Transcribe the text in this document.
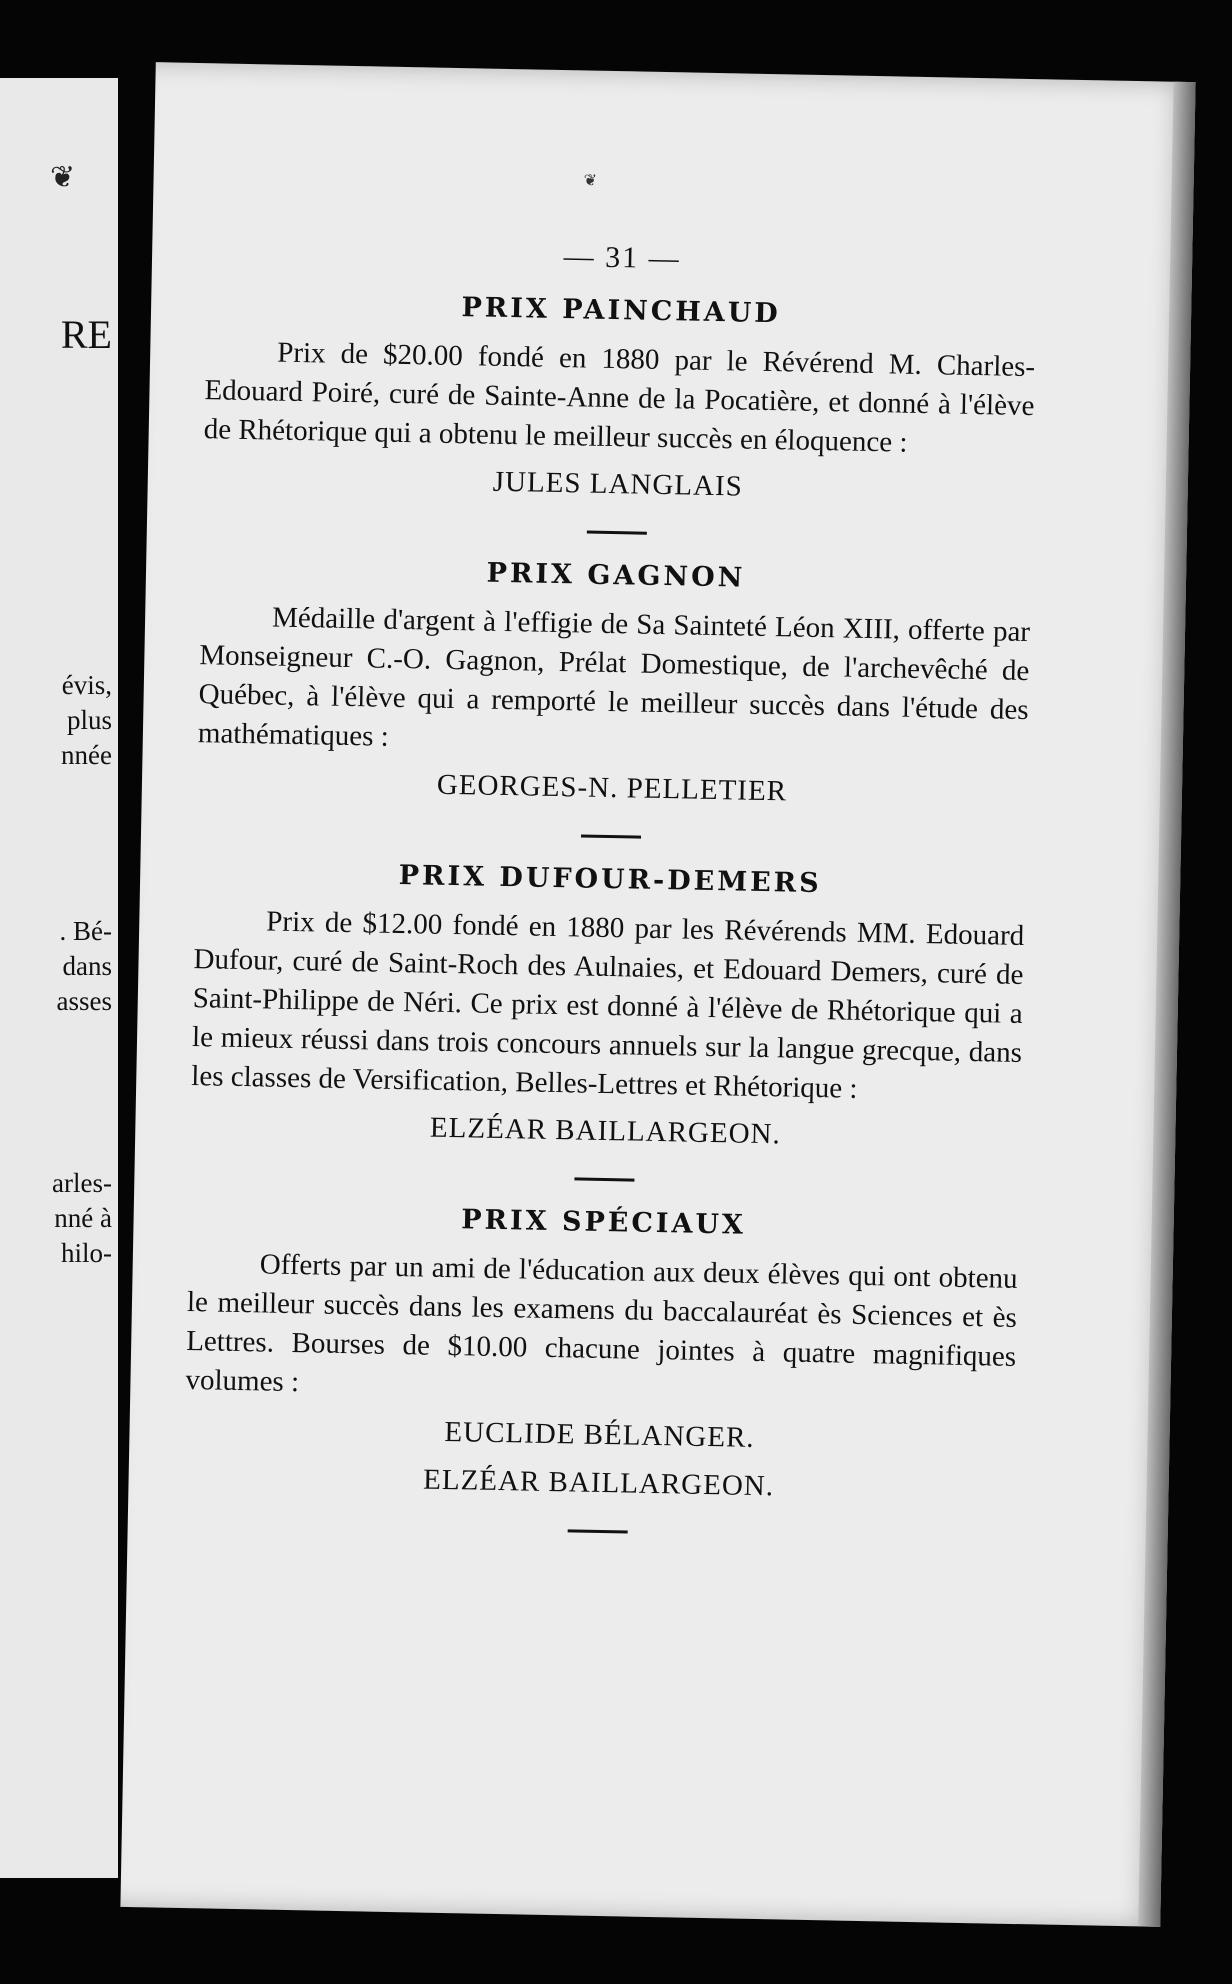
❦
RE
évis,
plus
nnée
. Bé-
dans
asses
arles-
nné à
hilo-
❦
— 31 —
PRIX PAINCHAUD

Prix de $20.00 fondé en 1880 par le Révérend M. Charles-Edouard Poiré, curé de Sainte-Anne de la Pocatière, et donné à l'élève de Rhétorique qui a obtenu le meilleur succès en éloquence :

JULES LANGLAIS

PRIX GAGNON

Médaille d'argent à l'effigie de Sa Sainteté Léon XIII, offerte par Monseigneur C.-O. Gagnon, Prélat Domestique, de l'archevêché de Québec, à l'élève qui a remporté le meilleur succès dans l'étude des mathématiques :

GEORGES-N. PELLETIER

PRIX DUFOUR-DEMERS

Prix de $12.00 fondé en 1880 par les Révérends MM. Edouard Dufour, curé de Saint-Roch des Aulnaies, et Edouard Demers, curé de Saint-Philippe de Néri. Ce prix est donné à l'élève de Rhétorique qui a le mieux réussi dans trois concours annuels sur la langue grecque, dans les classes de Versification, Belles-Lettres et Rhétorique :

ELZÉAR BAILLARGEON.

PRIX SPÉCIAUX

Offerts par un ami de l'éducation aux deux élèves qui ont obtenu le meilleur succès dans les examens du baccalauréat ès Sciences et ès Lettres. Bourses de $10.00 chacune jointes à quatre magnifiques volumes :

EUCLIDE BÉLANGER.

ELZÉAR BAILLARGEON.
